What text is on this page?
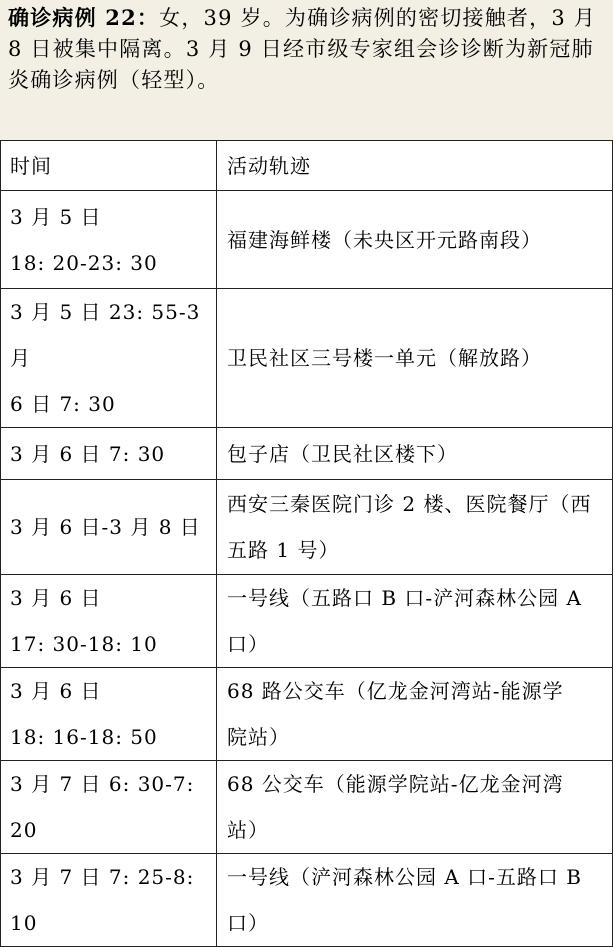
确诊病例 22：女，39 岁。为确诊病例的密切接触者，3 月 8 日被集中隔离。3 月 9 日经市级专家组会诊诊断为新冠肺炎确诊病例（轻型）。

时间	活动轨迹

3 月 5 日
18: 20-23: 30	福建海鲜楼（未央区开元路南段）

3 月 5 日 23: 55-3 月
6 日 7: 30	卫民社区三号楼一单元（解放路）

3 月 6 日 7: 30	包子店（卫民社区楼下）

3 月 6 日-3 月 8 日	西安三秦医院门诊 2 楼、医院餐厅（西
五路 1 号）

3 月 6 日
17: 30-18: 10	一号线（五路口 B 口-浐河森林公园 A
口）

3 月 6 日
18: 16-18: 50	68 路公交车（亿龙金河湾站-能源学
院站）

3 月 7 日 6: 30-7: 20	68 公交车（能源学院站-亿龙金河湾
站）

3 月 7 日 7: 25-8: 10	一号线（浐河森林公园 A 口-五路口 B
口）
